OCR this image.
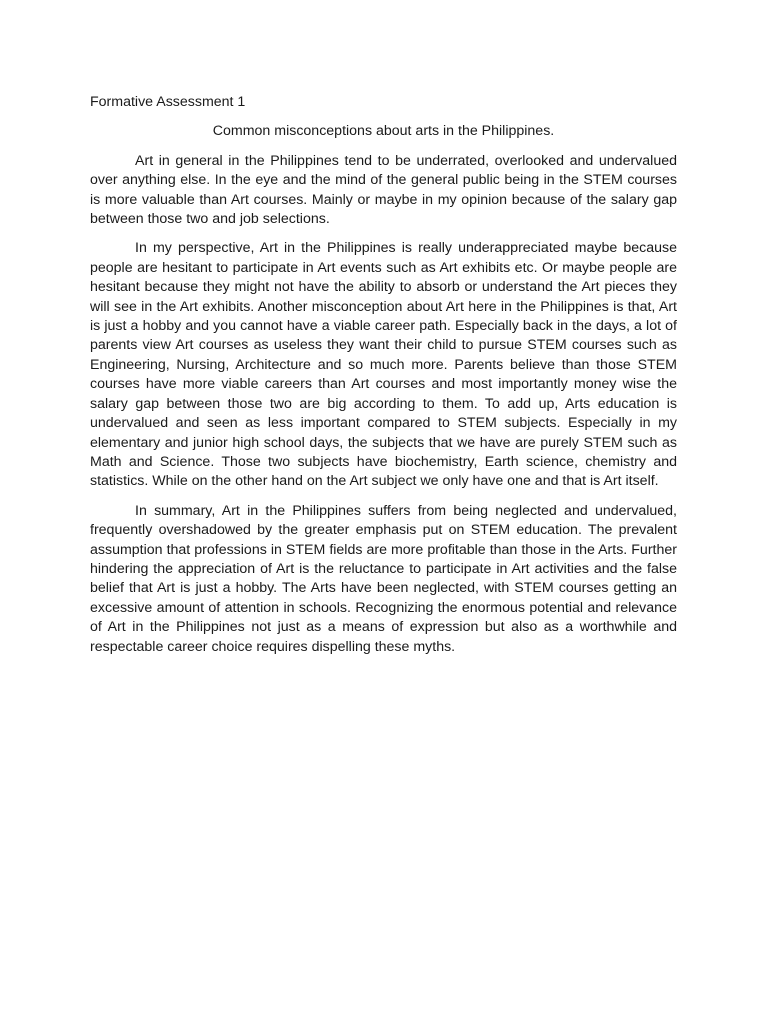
Formative Assessment 1

Common misconceptions about arts in the Philippines.

Art in general in the Philippines tend to be underrated, overlooked and undervalued over anything else. In the eye and the mind of the general public being in the STEM courses is more valuable than Art courses. Mainly or maybe in my opinion because of the salary gap between those two and job selections.

In my perspective, Art in the Philippines is really underappreciated maybe because people are hesitant to participate in Art events such as Art exhibits etc. Or maybe people are hesitant because they might not have the ability to absorb or understand the Art pieces they will see in the Art exhibits. Another misconception about Art here in the Philippines is that, Art is just a hobby and you cannot have a viable career path. Especially back in the days, a lot of parents view Art courses as useless they want their child to pursue STEM courses such as Engineering, Nursing, Architecture and so much more. Parents believe than those STEM courses have more viable careers than Art courses and most importantly money wise the salary gap between those two are big according to them. To add up, Arts education is undervalued and seen as less important compared to STEM subjects. Especially in my elementary and junior high school days, the subjects that we have are purely STEM such as Math and Science. Those two subjects have biochemistry, Earth science, chemistry and statistics. While on the other hand on the Art subject we only have one and that is Art itself.

In summary, Art in the Philippines suffers from being neglected and undervalued, frequently overshadowed by the greater emphasis put on STEM education. The prevalent assumption that professions in STEM fields are more profitable than those in the Arts. Further hindering the appreciation of Art is the reluctance to participate in Art activities and the false belief that Art is just a hobby. The Arts have been neglected, with STEM courses getting an excessive amount of attention in schools. Recognizing the enormous potential and relevance of Art in the Philippines not just as a means of expression but also as a worthwhile and respectable career choice requires dispelling these myths.
